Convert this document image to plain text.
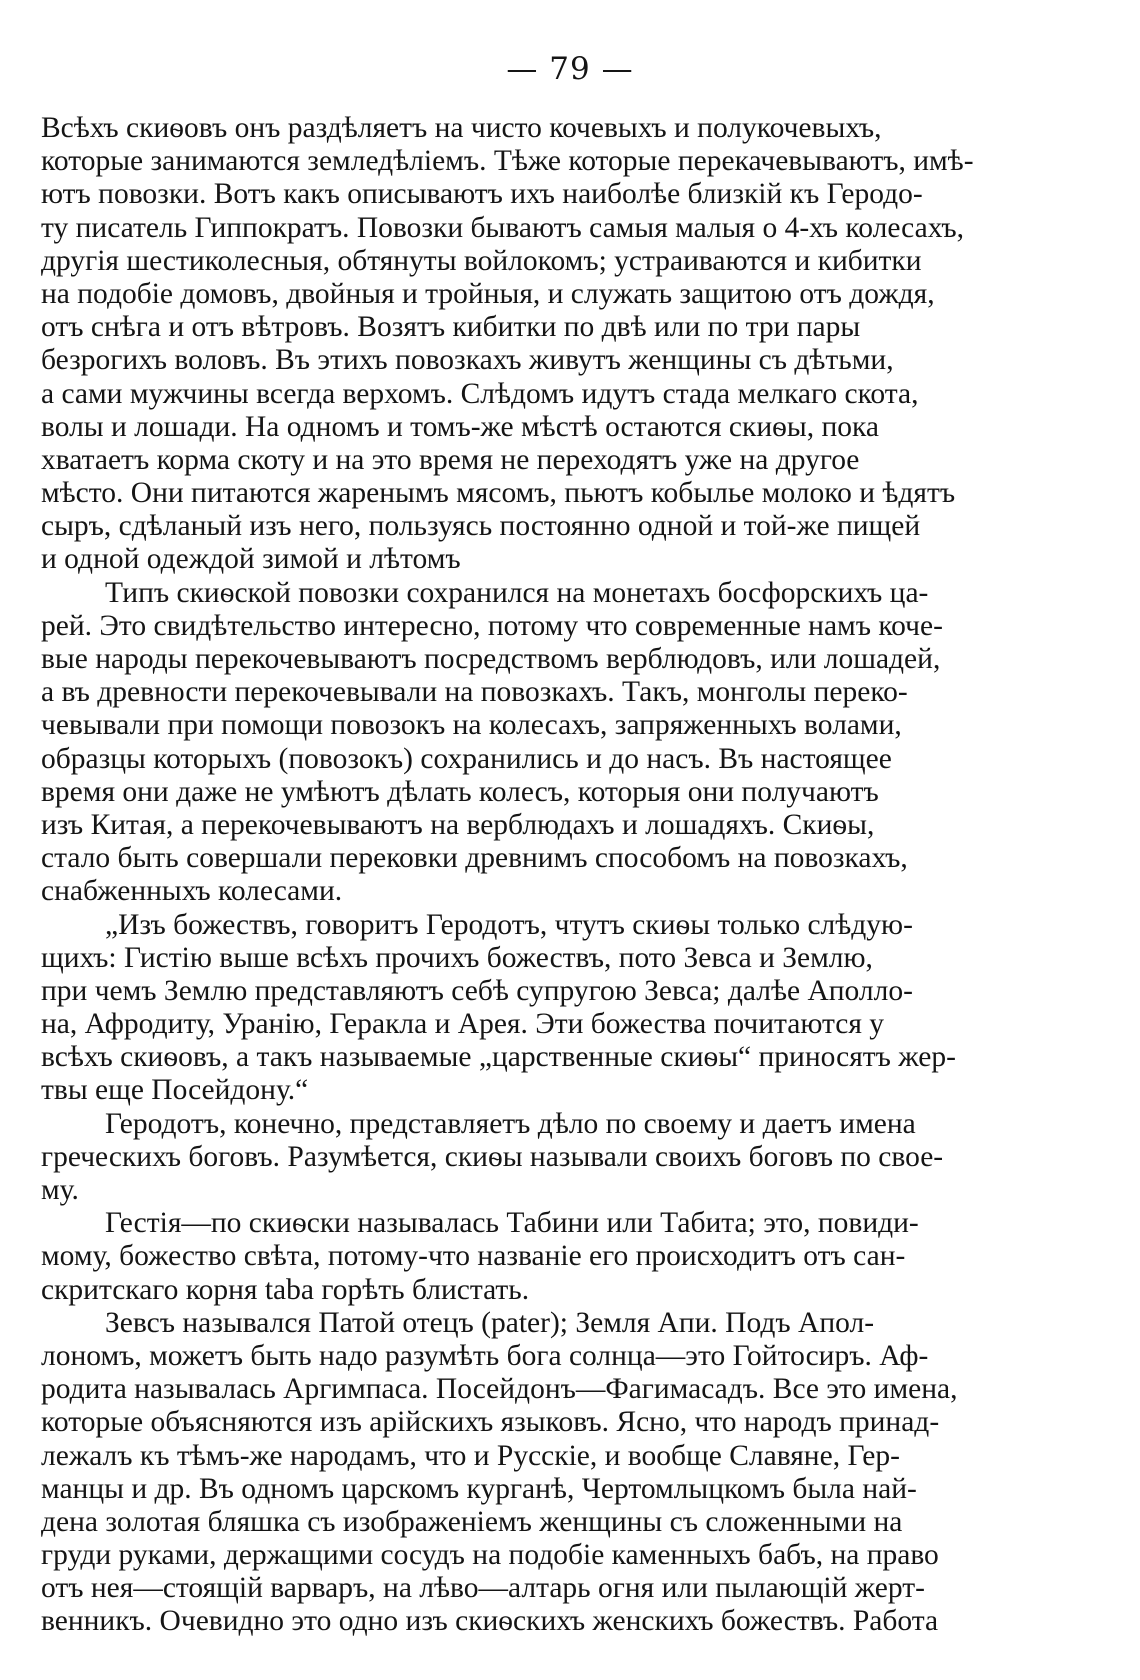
— 79 —
Всѣхъ скиѳовъ онъ раздѣляетъ на чисто кочевыхъ и полукочевыхъ,
которые занимаются земледѣліемъ. Тѣже которые перекачевываютъ, имѣ-
ютъ повозки. Вотъ какъ описываютъ ихъ наиболѣе близкій къ Геродо-
ту писатель Гиппократъ. Повозки бываютъ самыя малыя о 4-хъ колесахъ,
другія шестиколесныя, обтянуты войлокомъ; устраиваются и кибитки
на подобіе домовъ, двойныя и тройныя, и служать защитою отъ дождя,
отъ снѣга и отъ вѣтровъ. Возятъ кибитки по двѣ или по три пары
безрогихъ воловъ. Въ этихъ повозкахъ живутъ женщины съ дѣтьми,
а сами мужчины всегда верхомъ. Слѣдомъ идутъ стада мелкаго скота,
волы и лошади. На одномъ и томъ-же мѣстѣ остаются скиѳы, пока
хватаетъ корма скоту и на это время не переходятъ уже на другое
мѣсто. Они питаются жаренымъ мясомъ, пьютъ кобылье молоко и ѣдятъ
сыръ, сдѣланый изъ него, пользуясь постоянно одной и той-же пищей
и одной одеждой зимой и лѣтомъ
Типъ скиѳской повозки сохранился на монетахъ босфорскихъ ца-
рей. Это свидѣтельство интересно, потому что современные намъ коче-
вые народы перекочевываютъ посредствомъ верблюдовъ, или лошадей,
а въ древности перекочевывали на повозкахъ. Такъ, монголы переко-
чевывали при помощи повозокъ на колесахъ, запряженныхъ волами,
образцы которыхъ (повозокъ) сохранились и до насъ. Въ настоящее
время они даже не умѣютъ дѣлать колесъ, которыя они получаютъ
изъ Китая, а перекочевываютъ на верблюдахъ и лошадяхъ. Скиѳы,
стало быть совершали перековки древнимъ способомъ на повозкахъ,
снабженныхъ колесами.
„Изъ божествъ, говоритъ Геродотъ, чтутъ скиѳы только слѣдую-
щихъ: Гистію выше всѣхъ прочихъ божествъ, пото Зевса и Землю,
при чемъ Землю представляютъ себѣ супругою Зевса; далѣе Аполло-
на, Афродиту, Уранію, Геракла и Арея. Эти божества почитаются у
всѣхъ скиѳовъ, а такъ называемые „царственные скиѳы“ приносятъ жер-
твы еще Посейдону.“
Геродотъ, конечно, представляетъ дѣло по своему и даетъ имена
греческихъ боговъ. Разумѣется, скиѳы называли своихъ боговъ по свое-
му.
Гестія—по скиѳски называлась Табини или Табита; это, повиди-
мому, божество свѣта, потому-что названіе его происходитъ отъ сан-
скритскаго корня taba горѣть блистать.
Зевсъ назывался Патой отецъ (pater); Земля Апи. Подъ Апол-
лономъ, можетъ быть надо разумѣть бога солнца—это Гойтосиръ. Аф-
родита называлась Аргимпаса. Посейдонъ—Фагимасадъ. Все это имена,
которые объясняются изъ арійскихъ языковъ. Ясно, что народъ принад-
лежалъ къ тѣмъ-же народамъ, что и Русскіе, и вообще Славяне, Гер-
манцы и др. Въ одномъ царскомъ курганѣ, Чертомлыцкомъ была най-
дена золотая бляшка съ изображеніемъ женщины съ сложенными на
груди руками, держащими сосудъ на подобіе каменныхъ бабъ, на право
отъ нея—стоящій варваръ, на лѣво—алтарь огня или пылающій жерт-
венникъ. Очевидно это одно изъ скиѳскихъ женскихъ божествъ. Работа
